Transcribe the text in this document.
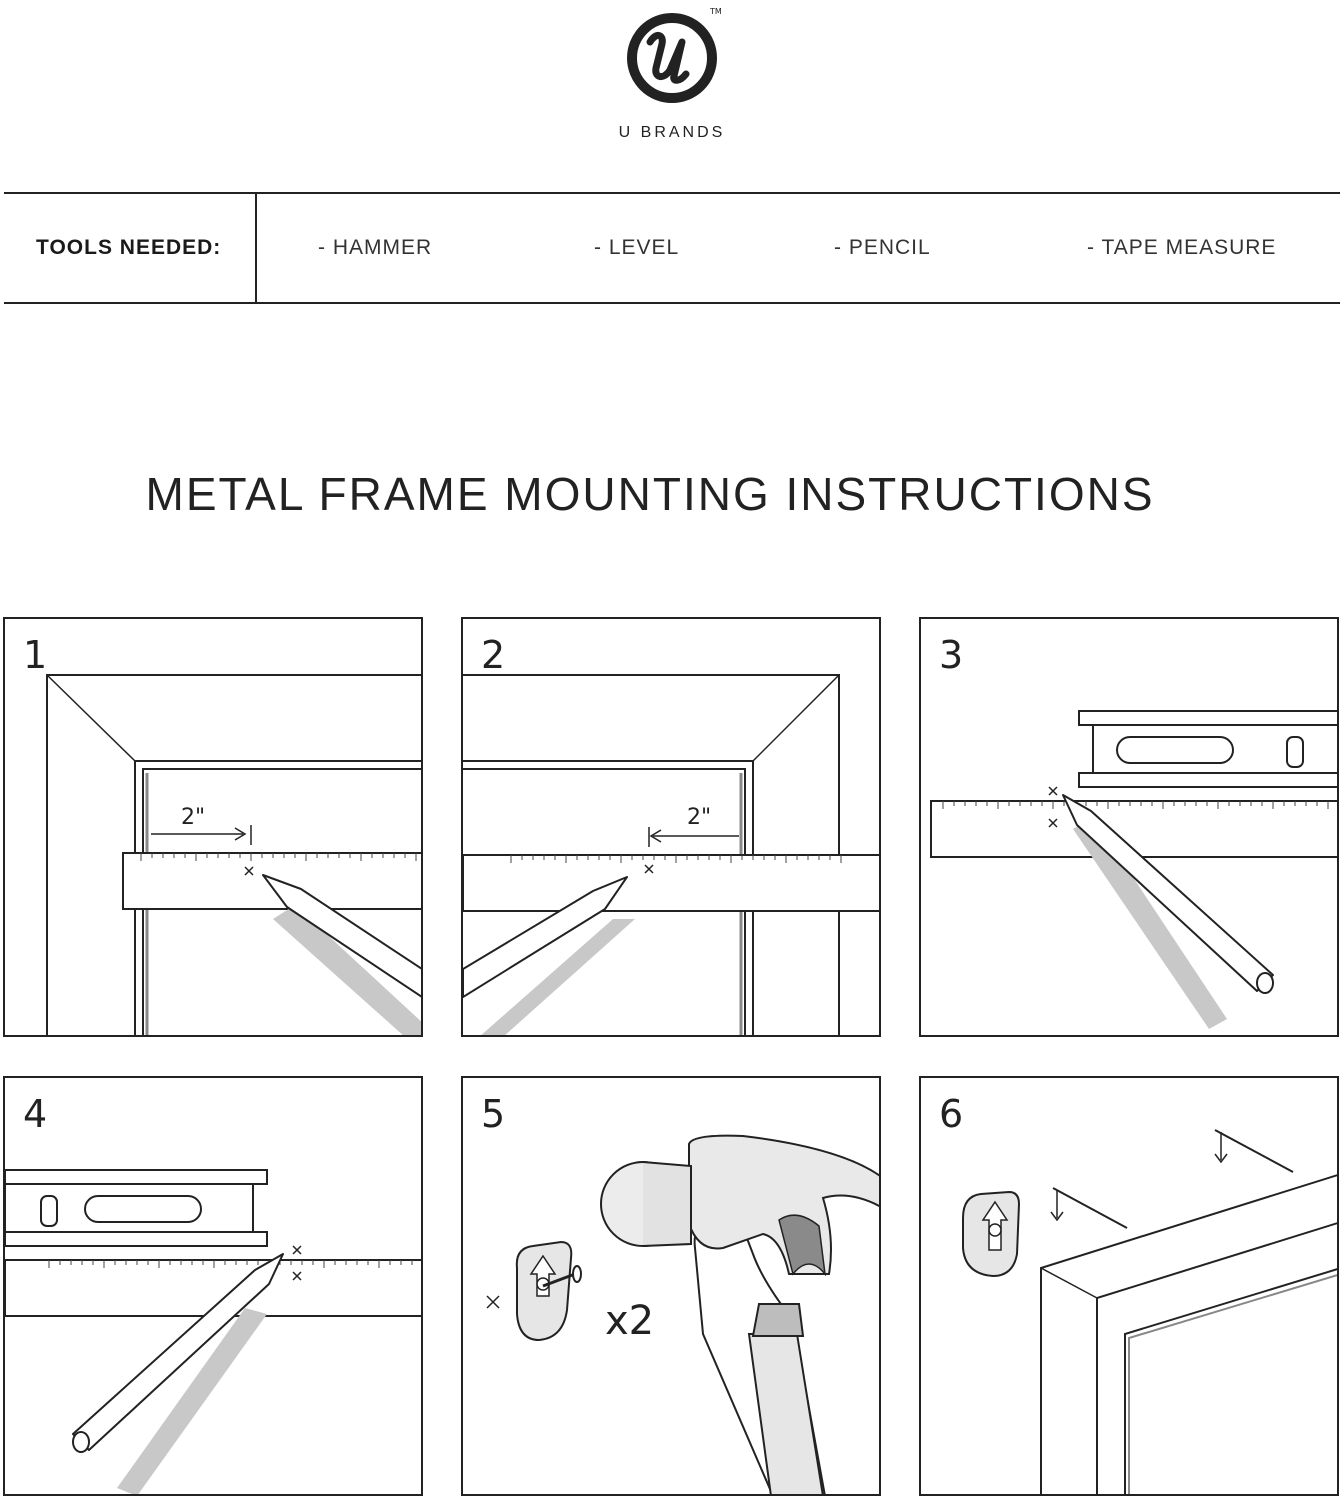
TM
U BRANDS
TOOLS NEEDED:	- HAMMER	- LEVEL	- PENCIL	- TAPE MEASURE
METAL FRAME MOUNTING INSTRUCTIONS
1
2"
2
2"
3
4	5
x2
6
